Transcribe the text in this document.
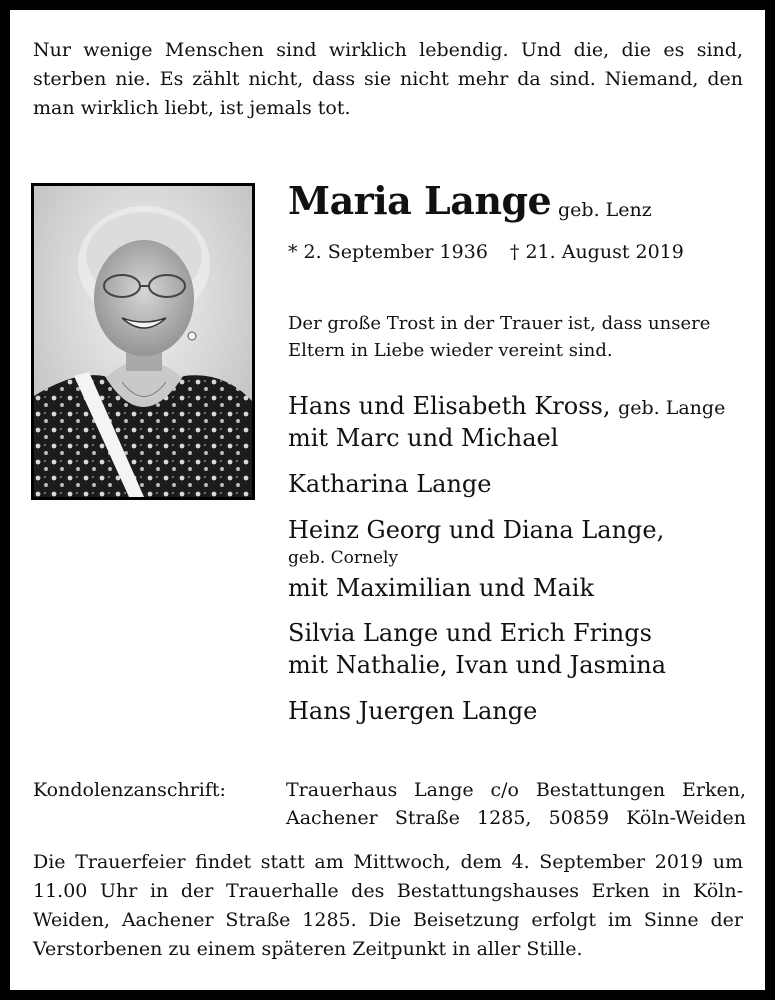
Nur wenige Menschen sind wirklich lebendig. Und die, die es sind, sterben nie. Es zählt nicht, dass sie nicht mehr da sind. Niemand, den man wirklich liebt, ist jemals tot.
Maria Lange geb. Lenz
* 2. September 1936 † 21. August 2019
Der große Trost in der Trauer ist, dass unsere Eltern in Liebe wieder vereint sind.
Hans und Elisabeth Kross, geb. Lange
mit Marc und Michael
Katharina Lange
Heinz Georg und Diana Lange,
geb. Cornely
mit Maximilian und Maik
Silvia Lange und Erich Frings
mit Nathalie, Ivan und Jasmina
Hans Juergen Lange
Kondolenzanschrift:	Trauerhaus Lange c/o Bestattungen Erken,
Aachener Straße 1285, 50859 Köln-Weiden
Die Trauerfeier findet statt am Mittwoch, dem 4. September 2019 um 11.00 Uhr in der Trauerhalle des Bestattungshauses Erken in Köln-Weiden, Aachener Straße 1285. Die Beisetzung erfolgt im Sinne der Verstorbenen zu einem späteren Zeitpunkt in aller Stille.
